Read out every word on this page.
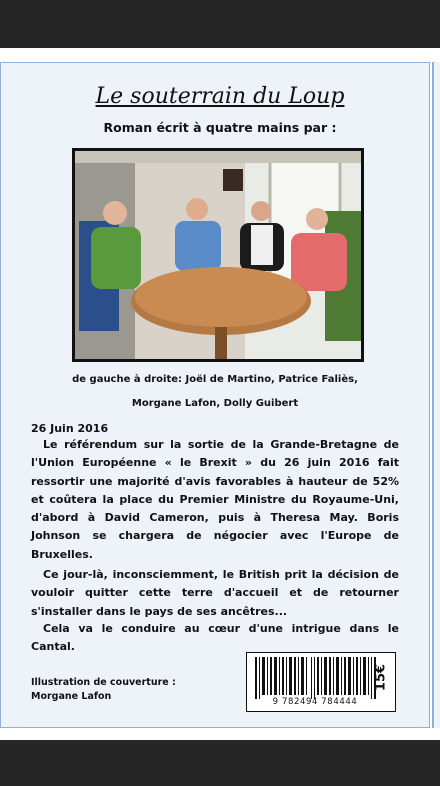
Le souterrain du Loup
Roman écrit à quatre mains par :
de gauche à droite: Joël de Martino, Patrice Faliès,
Morgane Lafon, Dolly Guibert
26 Juin 2016

Le référendum sur la sortie de la Grande-Bretagne de l'Union Européenne « le Brexit » du 26 juin 2016 fait ressortir une majorité d'avis favorables à hauteur de 52% et coûtera la place du Premier Ministre du Royaume-Uni, d'abord à David Cameron, puis à Theresa May. Boris Johnson se chargera de négocier avec l'Europe de Bruxelles.

Ce jour-là, inconsciemment, le British prit la décision de vouloir quitter cette terre d'accueil et de retourner s'installer dans le pays de ses ancêtres...

Cela va le conduire au cœur d'une intrigue dans le Cantal.

Illustration de couverture :
Morgane Lafon	9 782494 784444
15€
